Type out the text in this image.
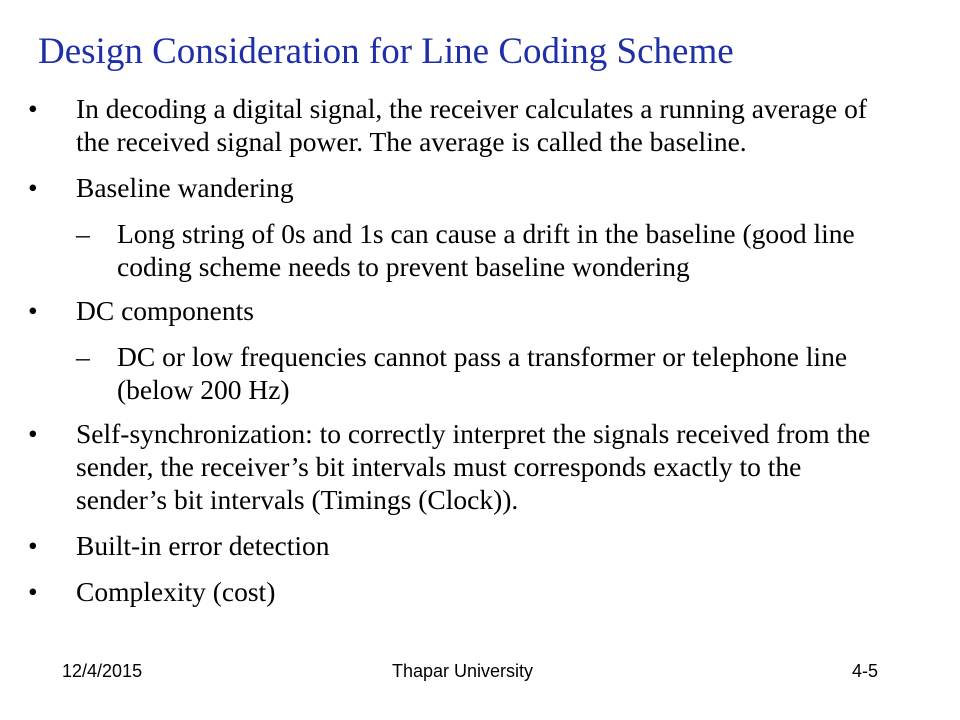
Design Consideration for Line Coding Scheme
• In decoding a digital signal, the receiver calculates a running average of the received signal power. The average is called the baseline.
• Baseline wandering
– Long string of 0s and 1s can cause a drift in the baseline (good line coding scheme needs to prevent baseline wondering
• DC components
– DC or low frequencies cannot pass a transformer or telephone line (below 200 Hz)
• Self-synchronization: to correctly interpret the signals received from the sender, the receiver’s bit intervals must corresponds exactly to the sender’s bit intervals (Timings (Clock)).
• Built-in error detection
• Complexity (cost)
12/4/2015	Thapar University	4-5
